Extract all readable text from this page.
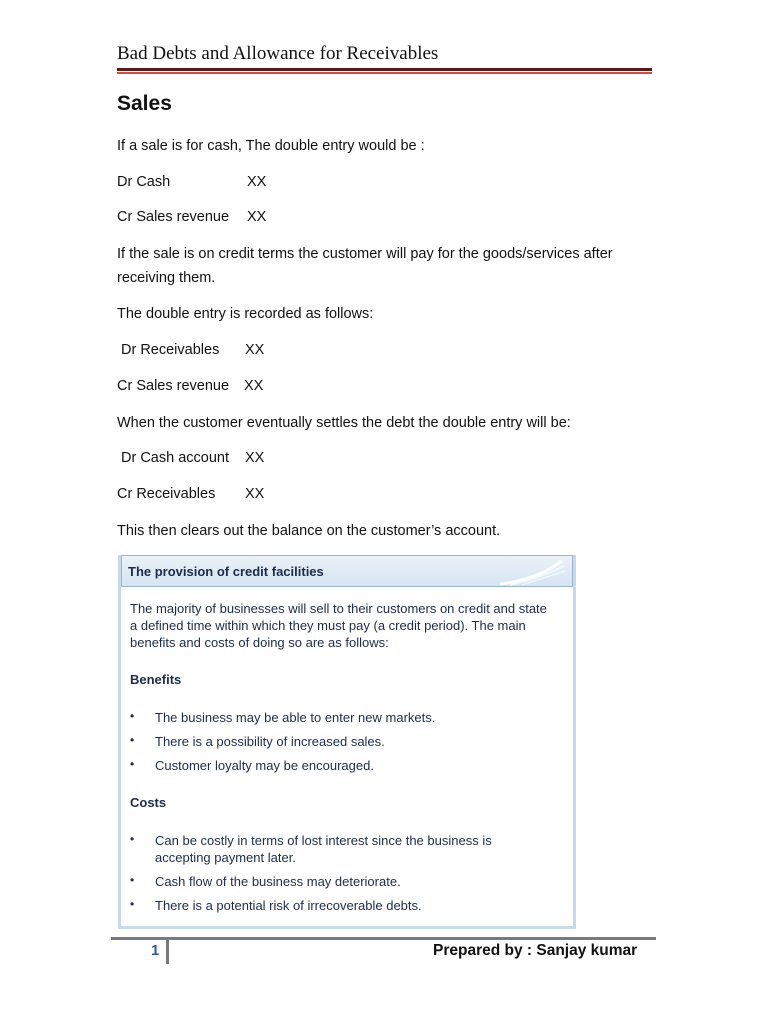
Bad Debts and Allowance for Receivables
Sales
If a sale is for cash, The double entry would be :
Dr Cash	XX
Cr Sales revenue XX
If the sale is on credit terms the customer will pay for the goods/services after receiving them.
The double entry is recorded as follows:
Dr Receivables XX
Cr Sales revenue XX
When the customer eventually settles the debt the double entry will be:
Dr Cash account XX
Cr Receivables XX
This then clears out the balance on the customer’s account.
The provision of credit facilities
The majority of businesses will sell to their customers on credit and state
a defined time within which they must pay (a credit period). The main
benefits and costs of doing so are as follows:
Benefits
• The business may be able to enter new markets.
• There is a possibility of increased sales.
• Customer loyalty may be encouraged.
Costs
• Can be costly in terms of lost interest since the business is
accepting payment later.
• Cash flow of the business may deteriorate.
• There is a potential risk of irrecoverable debts.
1	Prepared by : Sanjay kumar
